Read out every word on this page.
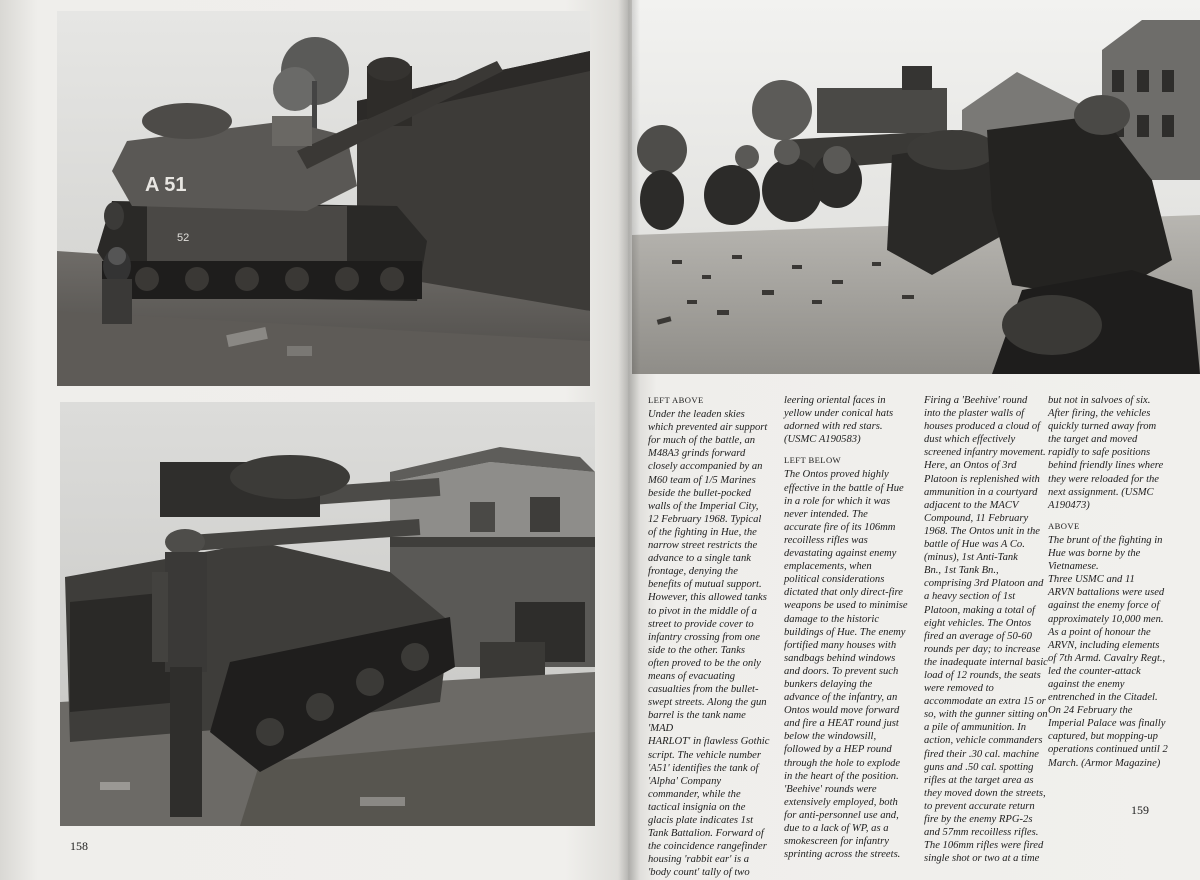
A 51
52
158

LEFT ABOVE

Under the leaden skies
which prevented air support
for much of the battle, an
M48A3 grinds forward
closely accompanied by an
M60 team of 1/5 Marines
beside the bullet-pocked
walls of the Imperial City,
12 February 1968. Typical
of the fighting in Hue, the
narrow street restricts the
advance to a single tank
frontage, denying the
benefits of mutual support.
However, this allowed tanks
to pivot in the middle of a
street to provide cover to
infantry crossing from one
side to the other. Tanks
often proved to be the only
means of evacuating
casualties from the bullet-
swept streets. Along the gun
barrel is the tank name 'MAD
HARLOT' in flawless Gothic
script. The vehicle number
'A51' identifies the tank of
'Alpha' Company
commander, while the
tactical insignia on the
glacis plate indicates 1st
Tank Battalion. Forward of
the coincidence rangefinder
housing 'rabbit ear' is a
'body count' tally of two

leering oriental faces in
yellow under conical hats
adorned with red stars.
(USMC A190583)

LEFT BELOW

The Ontos proved highly
effective in the battle of Hue
in a role for which it was
never intended. The
accurate fire of its 106mm
recoilless rifles was
devastating against enemy
emplacements, when
political considerations
dictated that only direct-fire
weapons be used to minimise
damage to the historic
buildings of Hue. The enemy
fortified many houses with
sandbags behind windows
and doors. To prevent such
bunkers delaying the
advance of the infantry, an
Ontos would move forward
and fire a HEAT round just
below the windowsill,
followed by a HEP round
through the hole to explode
in the heart of the position.
'Beehive' rounds were
extensively employed, both
for anti-personnel use and,
due to a lack of WP, as a
smokescreen for infantry
sprinting across the streets.

Firing a 'Beehive' round
into the plaster walls of
houses produced a cloud of
dust which effectively
screened infantry movement.
Here, an Ontos of 3rd
Platoon is replenished with
ammunition in a courtyard
adjacent to the MACV
Compound, 11 February
1968. The Ontos unit in the
battle of Hue was A Co.
(minus), 1st Anti-Tank
Bn., 1st Tank Bn.,
comprising 3rd Platoon and
a heavy section of 1st
Platoon, making a total of
eight vehicles. The Ontos
fired an average of 50-60
rounds per day; to increase
the inadequate internal basic
load of 12 rounds, the seats
were removed to
accommodate an extra 15 or
so, with the gunner sitting on
a pile of ammunition. In
action, vehicle commanders
fired their .30 cal. machine
guns and .50 cal. spotting
rifles at the target area as
they moved down the streets,
to prevent accurate return
fire by the enemy RPG-2s
and 57mm recoilless rifles.
The 106mm rifles were fired
single shot or two at a time

but not in salvoes of six.
After firing, the vehicles
quickly turned away from
the target and moved
rapidly to safe positions
behind friendly lines where
they were reloaded for the
next assignment. (USMC
A190473)

ABOVE

The brunt of the fighting in
Hue was borne by the
Vietnamese.
Three USMC and 11
ARVN battalions were used
against the enemy force of
approximately 10,000 men.
As a point of honour the
ARVN, including elements
of 7th Armd. Cavalry Regt.,
led the counter-attack
against the enemy
entrenched in the Citadel.
On 24 February the
Imperial Palace was finally
captured, but mopping-up
operations continued until 2
March. (Armor Magazine)

159
